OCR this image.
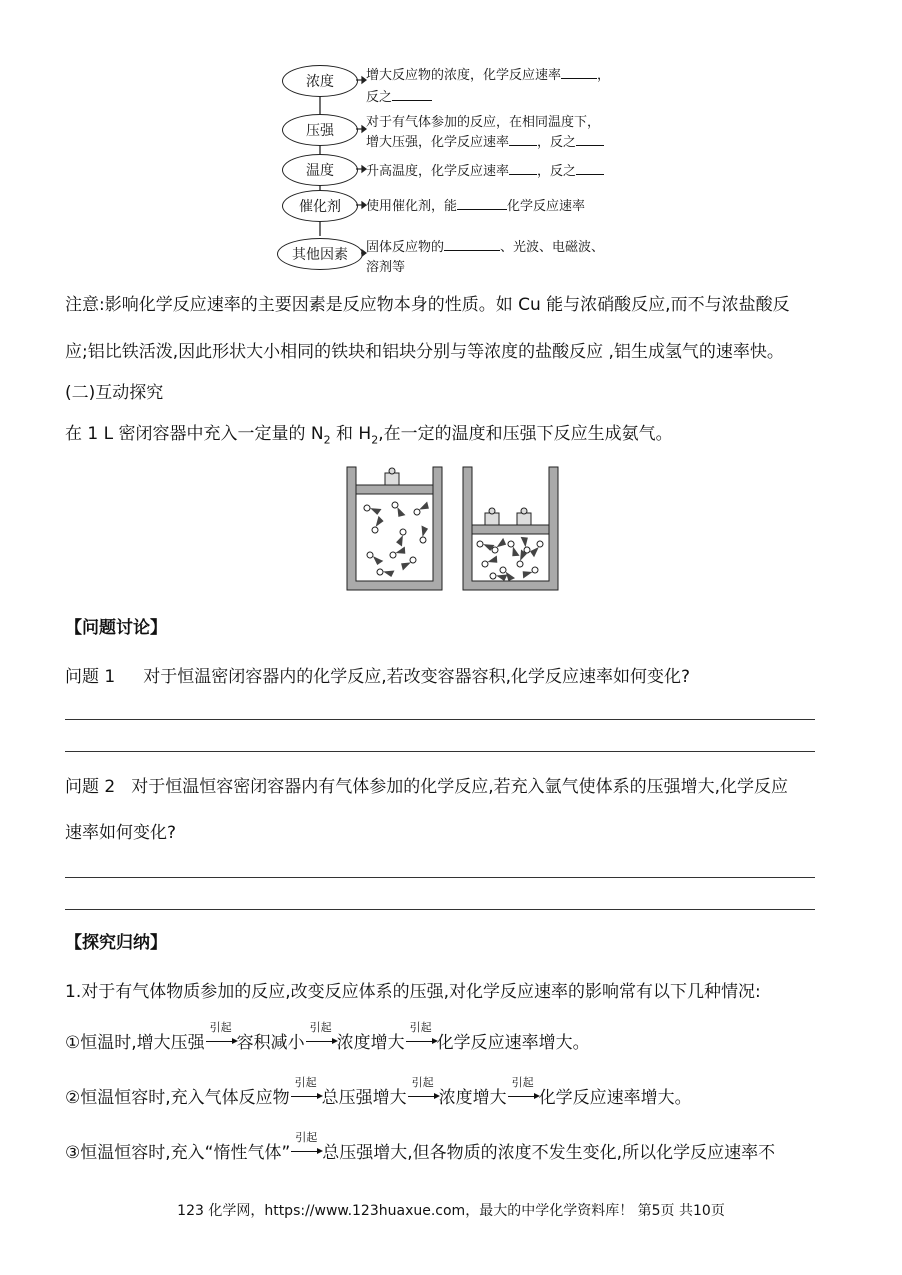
浓度
压强
温度
催化剂
其他因素
增大反应物的浓度，化学反应速率	，
反之
对于有气体参加的反应，在相同温度下，
增大压强，化学反应速率 ，反之
升高温度，化学反应速率 ，反之
使用催化剂，能	化学反应速率
固体反应物的	、光波、电磁波、
溶剂等
注意:影响化学反应速率的主要因素是反应物本身的性质。如 Cu 能与浓硝酸反应,而不与浓盐酸反
应;铝比铁活泼,因此形状大小相同的铁块和铝块分别与等浓度的盐酸反应 ,铝生成氢气的速率快。
(二)互动探究
在 1 L 密闭容器中充入一定量的 $N_2$ 和 $H_2$,在一定的温度和压强下反应生成氨气。
【问题讨论】
问题 1 对于恒温密闭容器内的化学反应,若改变容器容积,化学反应速率如何变化?
问题 2 对于恒温恒容密闭容器内有气体参加的化学反应,若充入氩气使体系的压强增大,化学反应
速率如何变化?
【探究归纳】
1.对于有气体物质参加的反应,改变反应体系的压强,对化学反应速率的影响常有以下几种情况:
①恒温时,增大压强
引起
容积减小
引起
浓度增大
引起
化学反应速率增大。
②恒温恒容时,充入气体反应物
引起
总压强增大
引起
浓度增大
引起
化学反应速率增大。
③恒温恒容时,充入“惰性气体”
引起
总压强增大,但各物质的浓度不发生变化,所以化学反应速率不
123 化学网，https://www.123huaxue.com，最大的中学化学资料库！ 第5页 共10页
